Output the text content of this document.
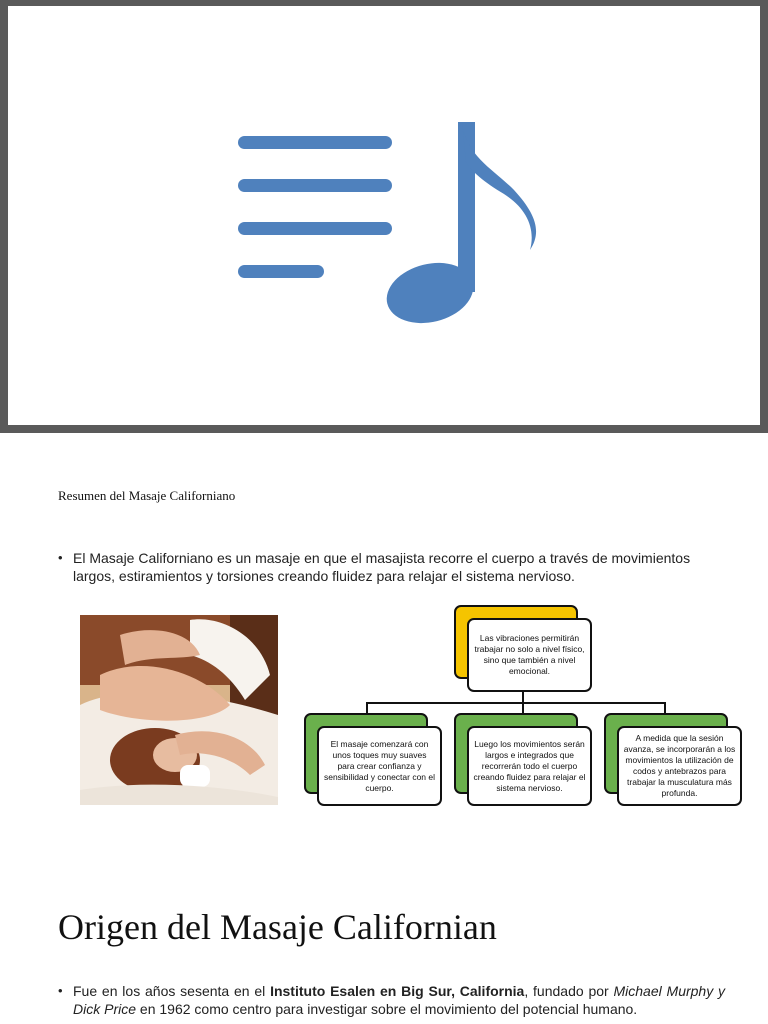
Resumen del Masaje Californiano
• El Masaje Californiano es un masaje en que el masajista recorre el cuerpo a través de movimientos largos, estiramientos y torsiones creando fluidez para relajar el sistema nervioso.
Las vibraciones permitirán trabajar no solo a nivel físico, sino que también a nivel emocional.
El masaje comenzará con unos toques muy suaves para crear confianza y sensibilidad y conectar con el cuerpo.
Luego los movimientos serán largos e integrados que recorrerán todo el cuerpo creando fluidez para relajar el sistema nervioso.
A medida que la sesión avanza, se incorporarán a los movimientos la utilización de codos y antebrazos para trabajar la musculatura más profunda.
Origen del Masaje Californian
• Fue en los años sesenta en el Instituto Esalen en Big Sur, California, fundado por Michael Murphy y Dick Price en 1962 como centro para investigar sobre el movimiento del potencial humano.
